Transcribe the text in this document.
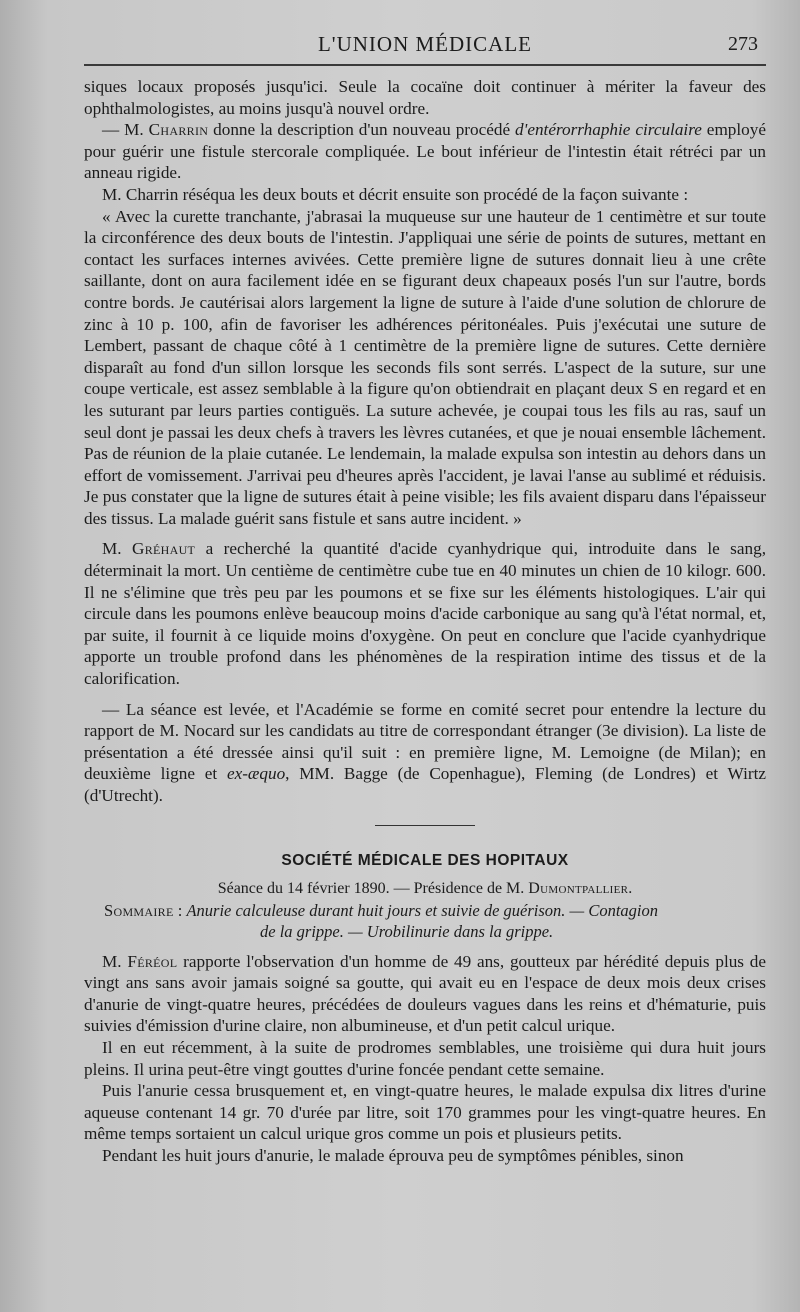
L'UNION MÉDICALE	273

siques locaux proposés jusqu'ici. Seule la cocaïne doit continuer à mériter la faveur des ophthalmologistes, au moins jusqu'à nouvel ordre.

— M. Charrin donne la description d'un nouveau procédé d'entérorrhaphie circulaire employé pour guérir une fistule stercorale compliquée. Le bout inférieur de l'intestin était rétréci par un anneau rigide.

M. Charrin réséqua les deux bouts et décrit ensuite son procédé de la façon suivante :

« Avec la curette tranchante, j'abrasai la muqueuse sur une hauteur de 1 centimètre et sur toute la circonférence des deux bouts de l'intestin. J'appliquai une série de points de sutures, mettant en contact les surfaces internes avivées. Cette première ligne de sutures donnait lieu à une crête saillante, dont on aura facilement idée en se figurant deux chapeaux posés l'un sur l'autre, bords contre bords. Je cautérisai alors largement la ligne de suture à l'aide d'une solution de chlorure de zinc à 10 p. 100, afin de favoriser les adhérences péritonéales. Puis j'exécutai une suture de Lembert, passant de chaque côté à 1 centimètre de la première ligne de sutures. Cette dernière disparaît au fond d'un sillon lorsque les seconds fils sont serrés. L'aspect de la suture, sur une coupe verticale, est assez semblable à la figure qu'on obtiendrait en plaçant deux S en regard et en les suturant par leurs parties contiguës. La suture achevée, je coupai tous les fils au ras, sauf un seul dont je passai les deux chefs à travers les lèvres cutanées, et que je nouai ensemble lâchement. Pas de réunion de la plaie cutanée. Le lendemain, la malade expulsa son intestin au dehors dans un effort de vomissement. J'arrivai peu d'heures après l'accident, je lavai l'anse au sublimé et réduisis. Je pus constater que la ligne de sutures était à peine visible; les fils avaient disparu dans l'épaisseur des tissus. La malade guérit sans fistule et sans autre incident. »

M. Gréhaut a recherché la quantité d'acide cyanhydrique qui, introduite dans le sang, déterminait la mort. Un centième de centimètre cube tue en 40 minutes un chien de 10 kilogr. 600. Il ne s'élimine que très peu par les poumons et se fixe sur les éléments histologiques. L'air qui circule dans les poumons enlève beaucoup moins d'acide carbonique au sang qu'à l'état normal, et, par suite, il fournit à ce liquide moins d'oxygène. On peut en conclure que l'acide cyanhydrique apporte un trouble profond dans les phénomènes de la respiration intime des tissus et de la calorification.

— La séance est levée, et l'Académie se forme en comité secret pour entendre la lecture du rapport de M. Nocard sur les candidats au titre de correspondant étranger (3e division). La liste de présentation a été dressée ainsi qu'il suit : en première ligne, M. Lemoigne (de Milan); en deuxième ligne et ex-æquo, MM. Bagge (de Copenhague), Fleming (de Londres) et Wirtz (d'Utrecht).

SOCIÉTÉ MÉDICALE DES HOPITAUX
Séance du 14 février 1890. — Présidence de M. Dumontpallier.

Sommaire : Anurie calculeuse durant huit jours et suivie de guérison. — Contagion

de la grippe. — Urobilinurie dans la grippe.

M. Féréol rapporte l'observation d'un homme de 49 ans, goutteux par hérédité depuis plus de vingt ans sans avoir jamais soigné sa goutte, qui avait eu en l'espace de deux mois deux crises d'anurie de vingt-quatre heures, précédées de douleurs vagues dans les reins et d'hématurie, puis suivies d'émission d'urine claire, non albumineuse, et d'un petit calcul urique.

Il en eut récemment, à la suite de prodromes semblables, une troisième qui dura huit jours pleins. Il urina peut-être vingt gouttes d'urine foncée pendant cette semaine.

Puis l'anurie cessa brusquement et, en vingt-quatre heures, le malade expulsa dix litres d'urine aqueuse contenant 14 gr. 70 d'urée par litre, soit 170 grammes pour les vingt-quatre heures. En même temps sortaient un calcul urique gros comme un pois et plusieurs petits.

Pendant les huit jours d'anurie, le malade éprouva peu de symptômes pénibles, sinon
